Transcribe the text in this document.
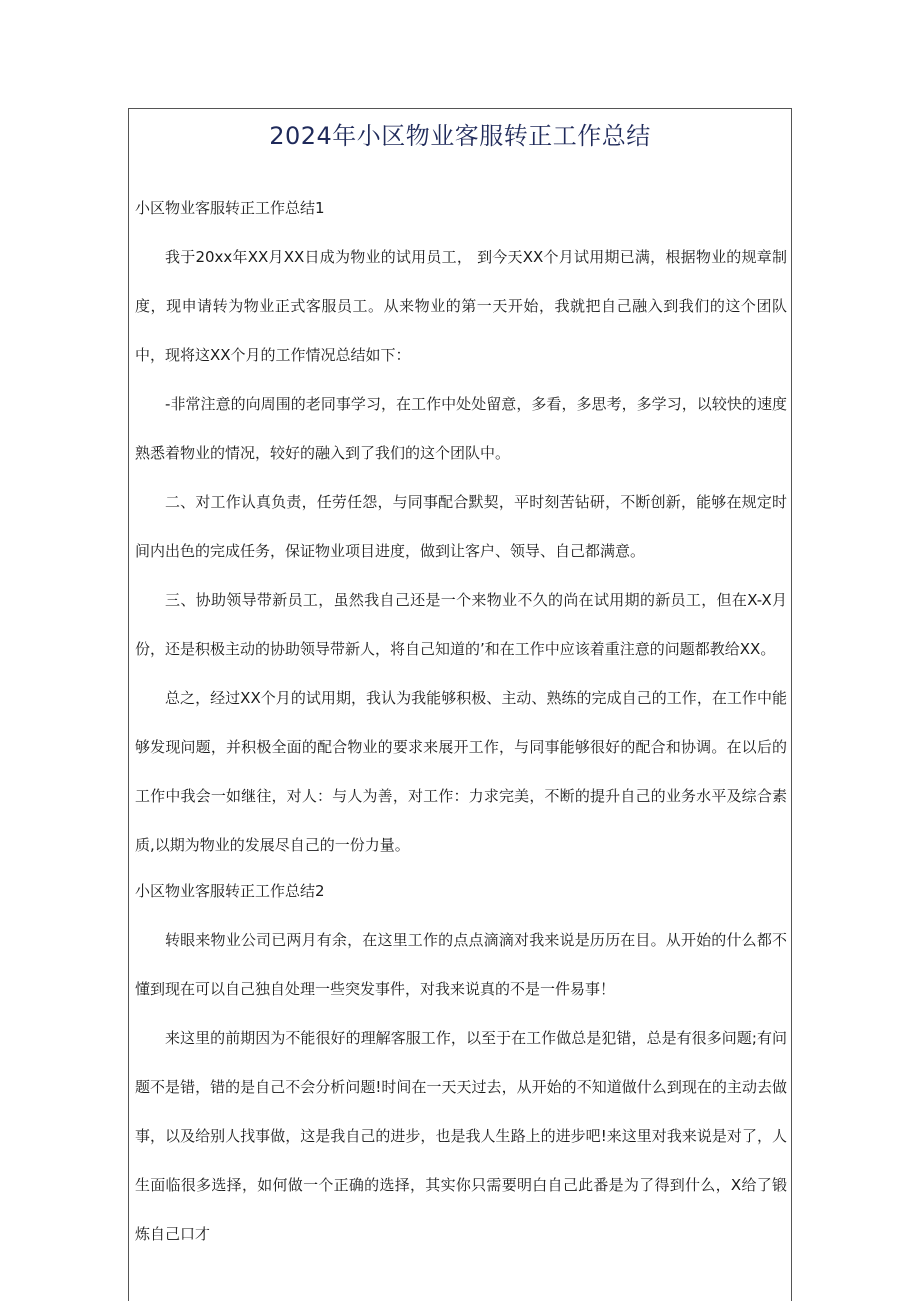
2024年小区物业客服转正工作总结
小区物业客服转正工作总结1

我于20xx年XX月XX日成为物业的试用员工， 到今天XX个月试用期已满，根据物业的规章制度，现申请转为物业正式客服员工。从来物业的第一天开始，我就把自己融入到我们的这个团队中，现将这XX个月的工作情况总结如下：

-非常注意的向周围的老同事学习，在工作中处处留意，多看，多思考，多学习，以较快的速度熟悉着物业的情况，较好的融入到了我们的这个团队中。

二、对工作认真负责，任劳任怨，与同事配合默契，平时刻苦钻研，不断创新，能够在规定时间内出色的完成任务，保证物业项目进度，做到让客户、领导、自己都满意。

三、协助领导带新员工，虽然我自己还是一个来物业不久的尚在试用期的新员工，但在X-X月份，还是积极主动的协助领导带新人，将自己知道的’和在工作中应该着重注意的问题都教给XX。

总之，经过XX个月的试用期，我认为我能够积极、主动、熟练的完成自己的工作，在工作中能够发现问题，并积极全面的配合物业的要求来展开工作，与同事能够很好的配合和协调。在以后的工作中我会一如继往，对人：与人为善，对工作：力求完美，不断的提升自己的业务水平及综合素质,以期为物业的发展尽自己的一份力量。

小区物业客服转正工作总结2

转眼来物业公司已两月有余，在这里工作的点点滴滴对我来说是历历在目。从开始的什么都不懂到现在可以自己独自处理一些突发事件，对我来说真的不是一件易事！

来这里的前期因为不能很好的理解客服工作，以至于在工作做总是犯错，总是有很多问题;有问题不是错，错的是自己不会分析问题!时间在一天天过去，从开始的不知道做什么到现在的主动去做事，以及给别人找事做，这是我自己的进步，也是我人生路上的进步吧!来这里对我来说是对了，人生面临很多选择，如何做一个正确的选择，其实你只需要明白自己此番是为了得到什么，X给了锻炼自己口才
